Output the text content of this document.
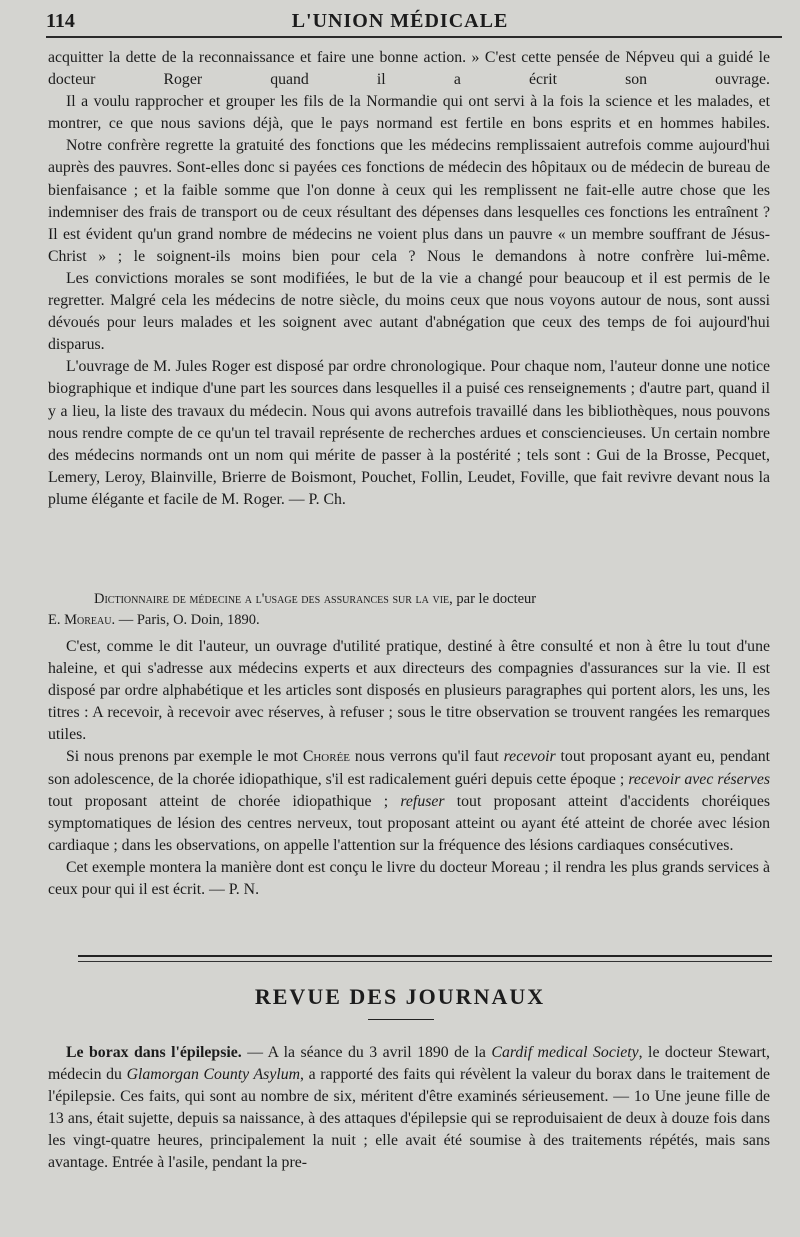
114	L'UNION MÉDICALE

acquitter la dette de la reconnaissance et faire une bonne action. » C'est cette pensée de Népveu qui a guidé le docteur Roger quand il a écrit son ouvrage.

Il a voulu rapprocher et grouper les fils de la Normandie qui ont servi à la fois la science et les malades, et montrer, ce que nous savions déjà, que le pays normand est fertile en bons esprits et en hommes habiles.

Notre confrère regrette la gratuité des fonctions que les médecins remplissaient autrefois comme aujourd'hui auprès des pauvres. Sont-elles donc si payées ces fonctions de médecin des hôpitaux ou de médecin de bureau de bienfaisance ; et la faible somme que l'on donne à ceux qui les remplissent ne fait-elle autre chose que les indemniser des frais de transport ou de ceux résultant des dépenses dans lesquelles ces fonctions les entraînent ? Il est évident qu'un grand nombre de médecins ne voient plus dans un pauvre « un membre souffrant de Jésus-Christ » ; le soignent-ils moins bien pour cela ? Nous le demandons à notre confrère lui-même.

Les convictions morales se sont modifiées, le but de la vie a changé pour beaucoup et il est permis de le regretter. Malgré cela les médecins de notre siècle, du moins ceux que nous voyons autour de nous, sont aussi dévoués pour leurs malades et les soignent avec autant d'abnégation que ceux des temps de foi aujourd'hui disparus.

L'ouvrage de M. Jules Roger est disposé par ordre chronologique. Pour chaque nom, l'auteur donne une notice biographique et indique d'une part les sources dans lesquelles il a puisé ces renseignements ; d'autre part, quand il y a lieu, la liste des travaux du médecin. Nous qui avons autrefois travaillé dans les bibliothèques, nous pouvons nous rendre compte de ce qu'un tel travail représente de recherches ardues et consciencieuses. Un certain nombre des médecins normands ont un nom qui mérite de passer à la postérité ; tels sont : Gui de la Brosse, Pecquet, Lemery, Leroy, Blainville, Brierre de Boismont, Pouchet, Follin, Leudet, Foville, que fait revivre devant nous la plume élégante et facile de M. Roger. — P. Ch.

Dictionnaire de médecine a l'usage des assurances sur la vie, par le docteur
E. Moreau. — Paris, O. Doin, 1890.

C'est, comme le dit l'auteur, un ouvrage d'utilité pratique, destiné à être consulté et non à être lu tout d'une haleine, et qui s'adresse aux médecins experts et aux directeurs des compagnies d'assurances sur la vie. Il est disposé par ordre alphabétique et les articles sont disposés en plusieurs paragraphes qui portent alors, les uns, les titres : A recevoir, à recevoir avec réserves, à refuser ; sous le titre observation se trouvent rangées les remarques utiles.

Si nous prenons par exemple le mot Chorée nous verrons qu'il faut recevoir tout proposant ayant eu, pendant son adolescence, de la chorée idiopathique, s'il est radicalement guéri depuis cette époque ; recevoir avec réserves tout proposant atteint de chorée idiopathique ; refuser tout proposant atteint d'accidents choréiques symptomatiques de lésion des centres nerveux, tout proposant atteint ou ayant été atteint de chorée avec lésion cardiaque ; dans les observations, on appelle l'attention sur la fréquence des lésions cardiaques consécutives.

Cet exemple montera la manière dont est conçu le livre du docteur Moreau ; il rendra les plus grands services à ceux pour qui il est écrit. — P. N.

REVUE DES JOURNAUX

Le borax dans l'épilepsie. — A la séance du 3 avril 1890 de la Cardif medical Society, le docteur Stewart, médecin du Glamorgan County Asylum, a rapporté des faits qui révèlent la valeur du borax dans le traitement de l'épilepsie. Ces faits, qui sont au nombre de six, méritent d'être examinés sérieusement. — 1o Une jeune fille de 13 ans, était sujette, depuis sa naissance, à des attaques d'épilepsie qui se reproduisaient de deux à douze fois dans les vingt-quatre heures, principalement la nuit ; elle avait été soumise à des traitements répétés, mais sans avantage. Entrée à l'asile, pendant la pre-
